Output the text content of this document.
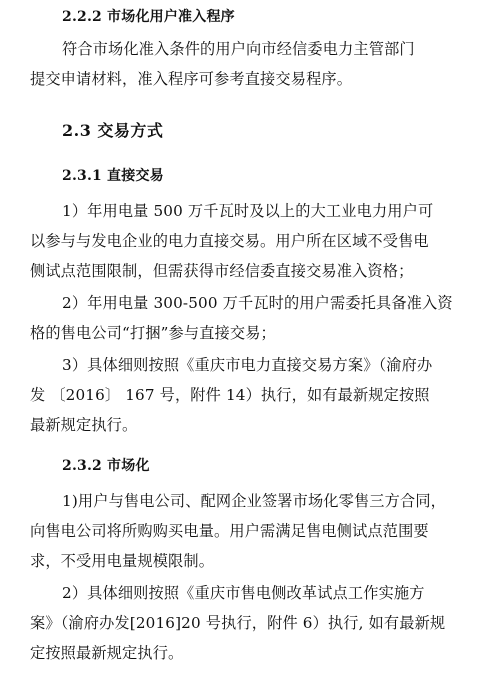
2.2.2 市场化用户准入程序
符合市场化准入条件的用户向市经信委电力主管部门
提交申请材料，准入程序可参考直接交易程序。
2.3 交易方式
2.3.1 直接交易
1）年用电量 500 万千瓦时及以上的大工业电力用户可
以参与与发电企业的电力直接交易。用户所在区域不受售电
侧试点范围限制，但需获得市经信委直接交易准入资格；
2）年用电量 300-500 万千瓦时的用户需委托具备准入资
格的售电公司“打捆”参与直接交易；
3）具体细则按照《重庆市电力直接交易方案》（渝府办
发 〔2016〕 167 号，附件 14）执行，如有最新规定按照
最新规定执行。
2.3.2 市场化
1)用户与售电公司、配网企业签署市场化零售三方合同，
向售电公司将所购购买电量。用户需满足售电侧试点范围要
求，不受用电量规模限制。
2）具体细则按照《重庆市售电侧改革试点工作实施方
案》（渝府办发[2016]20 号执行，附件 6）执行, 如有最新规
定按照最新规定执行。
